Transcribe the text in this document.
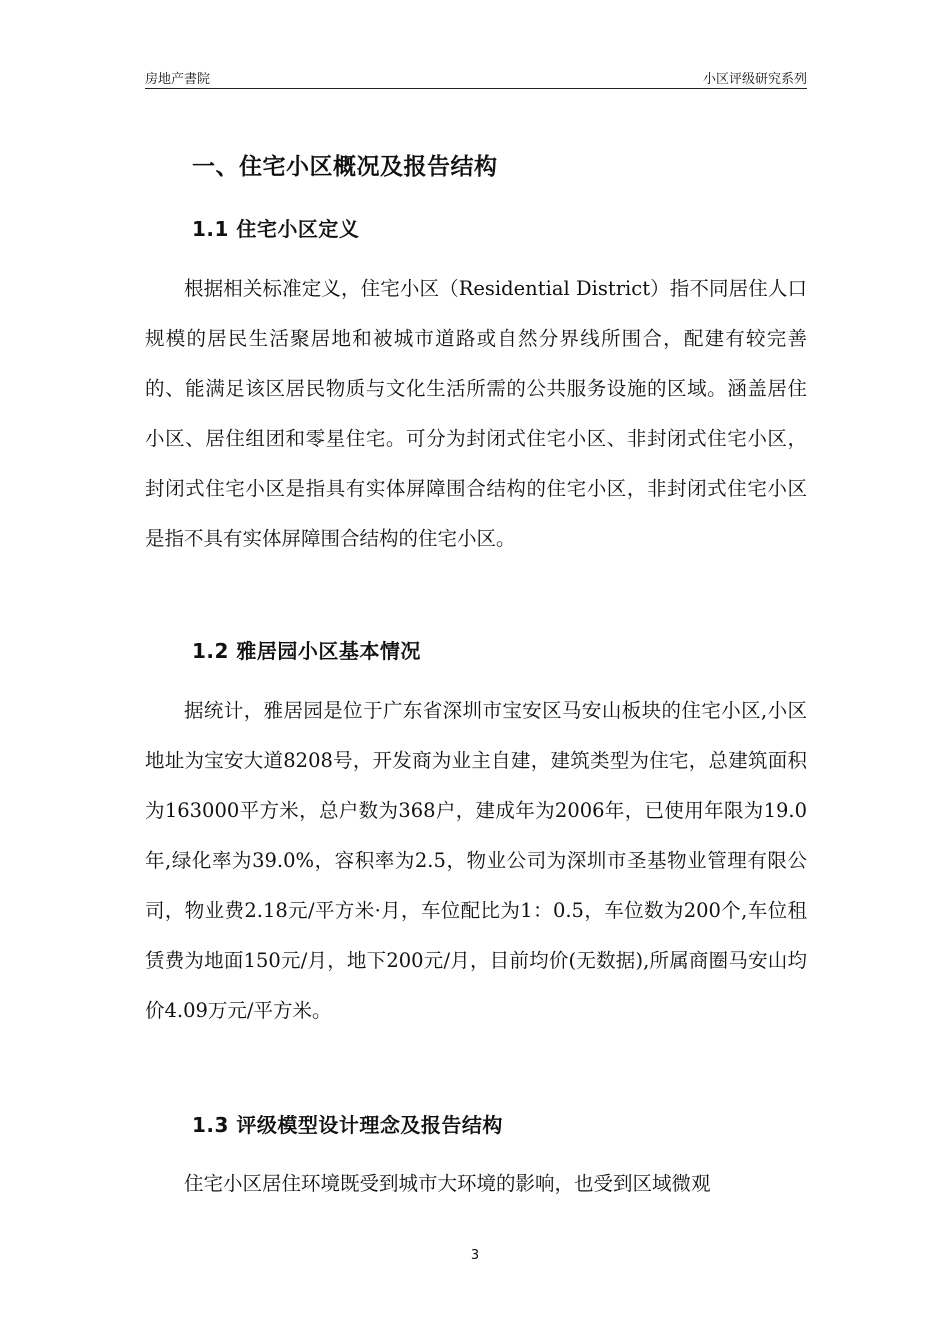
房地产書院	小区评级研究系列
一、住宅小区概况及报告结构
1.1 住宅小区定义

根据相关标准定义，住宅小区（Residential District）指不同居住人口规模的居民生活聚居地和被城市道路或自然分界线所围合，配建有较完善的、能满足该区居民物质与文化生活所需的公共服务设施的区域。涵盖居住小区、居住组团和零星住宅。可分为封闭式住宅小区、非封闭式住宅小区，封闭式住宅小区是指具有实体屏障围合结构的住宅小区，非封闭式住宅小区是指不具有实体屏障围合结构的住宅小区。

1.2 雅居园小区基本情况

据统计，雅居园是位于广东省深圳市宝安区马安山板块的住宅小区,小区地址为宝安大道8208号，开发商为业主自建，建筑类型为住宅，总建筑面积为163000平方米，总户数为368户，建成年为2006年，已使用年限为19.0年,绿化率为39.0%，容积率为2.5，物业公司为深圳市圣基物业管理有限公司，物业费2.18元/平方米·月，车位配比为1：0.5，车位数为200个,车位租赁费为地面150元/月，地下200元/月，目前均价(无数据),所属商圈马安山均价4.09万元/平方米。

1.3 评级模型设计理念及报告结构

住宅小区居住环境既受到城市大环境的影响，也受到区域微观

3
